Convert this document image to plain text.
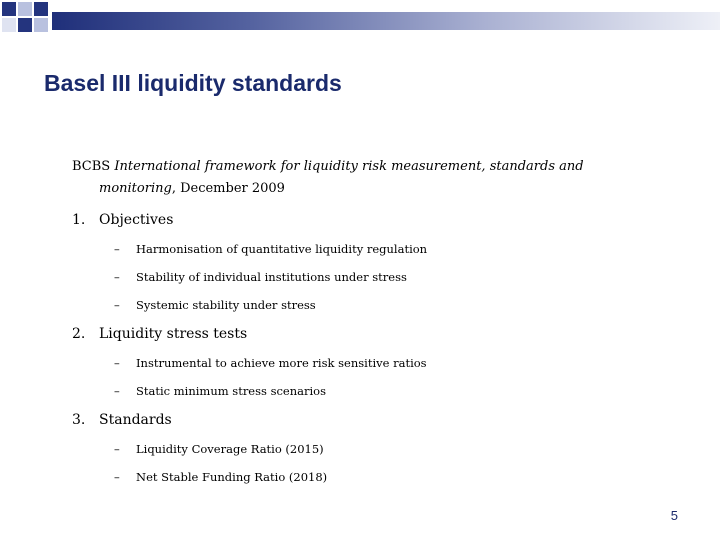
Basel III liquidity standards
BCBS International framework for liquidity risk measurement, standards and monitoring, December 2009
1. Objectives
– Harmonisation of quantitative liquidity regulation
– Stability of individual institutions under stress
– Systemic stability under stress
2. Liquidity stress tests
– Instrumental to achieve more risk sensitive ratios
– Static minimum stress scenarios
3. Standards
– Liquidity Coverage Ratio (2015)
– Net Stable Funding Ratio (2018)
5
